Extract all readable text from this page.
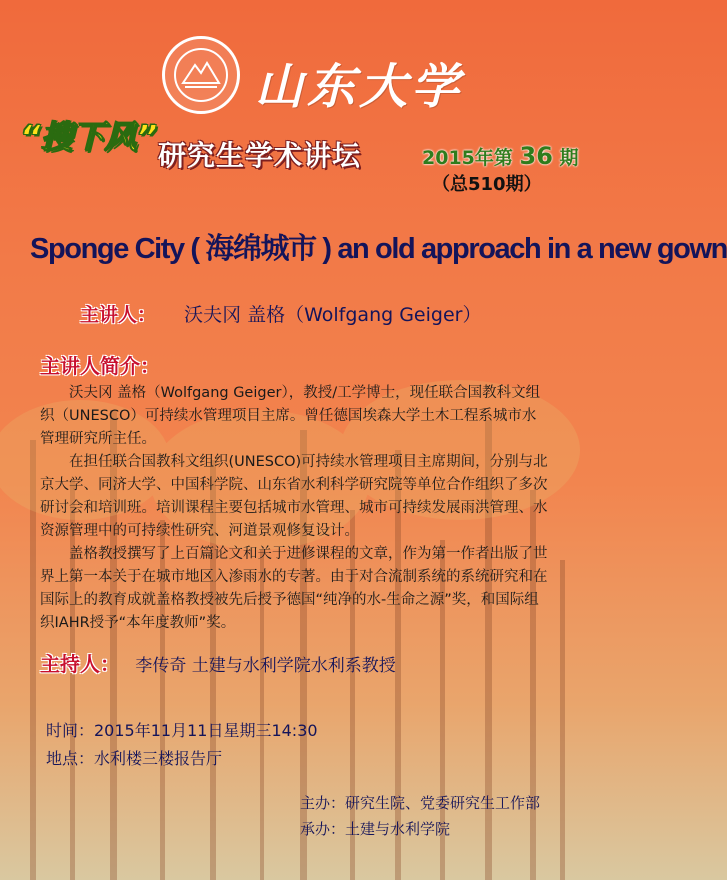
山东大学
“搜下风” 研究生学术讲坛	2015年第 36 期
（总510期）
Sponge City ( 海绵城市 ) an old approach in a new gown
主讲人： 沃夫冈 盖格（Wolfgang Geiger）
主讲人简介：

沃夫冈 盖格（Wolfgang Geiger），教授/工学博士，现任联合国教科文组织（UNESCO）可持续水管理项目主席。曾任德国埃森大学土木工程系城市水管理研究所主任。

在担任联合国教科文组织(UNESCO)可持续水管理项目主席期间，分别与北京大学、同济大学、中国科学院、山东省水利科学研究院等单位合作组织了多次研讨会和培训班。培训课程主要包括城市水管理、城市可持续发展雨洪管理、水资源管理中的可持续性研究、河道景观修复设计。

盖格教授撰写了上百篇论文和关于进修课程的文章，作为第一作者出版了世界上第一本关于在城市地区入渗雨水的专著。由于对合流制系统的系统研究和在国际上的教育成就盖格教授被先后授予德国“纯净的水-生命之源”奖，和国际组织IAHR授予“本年度教师”奖。

主持人： 李传奇 土建与水利学院水利系教授
时间：2015年11月11日星期三14:30
地点：水利楼三楼报告厅
主办：研究生院、党委研究生工作部
承办：土建与水利学院
